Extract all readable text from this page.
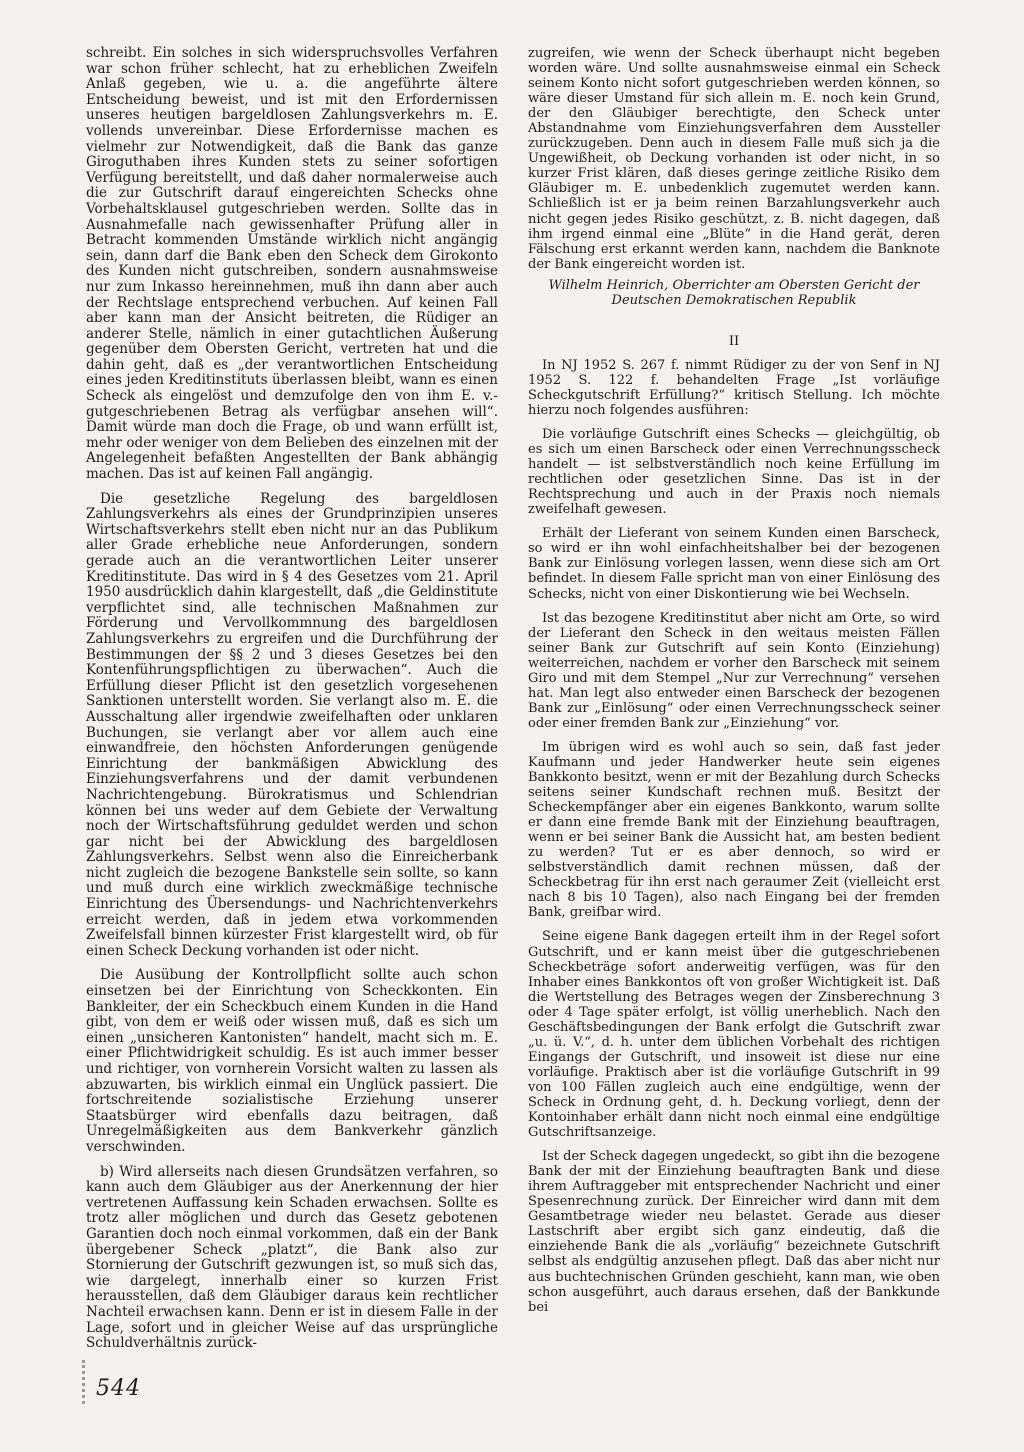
schreibt. Ein solches in sich widerspruchsvolles Verfahren war schon früher schlecht, hat zu erheblichen Zweifeln Anlaß gegeben, wie u. a. die angeführte ältere Entscheidung beweist, und ist mit den Erfordernissen unseres heutigen bargeldlosen Zahlungsverkehrs m. E. vollends unvereinbar. Diese Erfordernisse machen es vielmehr zur Notwendigkeit, daß die Bank das ganze Giroguthaben ihres Kunden stets zu seiner sofortigen Verfügung bereitstellt, und daß daher normalerweise auch die zur Gutschrift darauf eingereichten Schecks ohne Vorbehaltsklausel gutgeschrieben werden. Sollte das in Ausnahmefalle nach gewissenhafter Prüfung aller in Betracht kommenden Umstände wirklich nicht angängig sein, dann darf die Bank eben den Scheck dem Girokonto des Kunden nicht gutschreiben, sondern ausnahmsweise nur zum Inkasso hereinnehmen, muß ihn dann aber auch der Rechtslage entsprechend verbuchen. Auf keinen Fall aber kann man der Ansicht beitreten, die Rüdiger an anderer Stelle, nämlich in einer gutachtlichen Äußerung gegenüber dem Obersten Gericht, vertreten hat und die dahin geht, daß es „der verantwortlichen Entscheidung eines jeden Kreditinstituts überlassen bleibt, wann es einen Scheck als eingelöst und demzufolge den von ihm E. v.-gutgeschriebenen Betrag als verfügbar ansehen will“. Damit würde man doch die Frage, ob und wann erfüllt ist, mehr oder weniger von dem Belieben des einzelnen mit der Angelegenheit befaßten Angestellten der Bank abhängig machen. Das ist auf keinen Fall angängig.

Die gesetzliche Regelung des bargeldlosen Zahlungsverkehrs als eines der Grundprinzipien unseres Wirtschaftsverkehrs stellt eben nicht nur an das Publikum aller Grade erhebliche neue Anforderungen, sondern gerade auch an die verantwortlichen Leiter unserer Kreditinstitute. Das wird in § 4 des Gesetzes vom 21. April 1950 ausdrücklich dahin klargestellt, daß „die Geldinstitute verpflichtet sind, alle technischen Maßnahmen zur Förderung und Vervollkommnung des bargeldlosen Zahlungsverkehrs zu ergreifen und die Durchführung der Bestimmungen der §§ 2 und 3 dieses Gesetzes bei den Kontenführungspflichtigen zu überwachen“. Auch die Erfüllung dieser Pflicht ist den gesetzlich vorgesehenen Sanktionen unterstellt worden. Sie verlangt also m. E. die Ausschaltung aller irgendwie zweifelhaften oder unklaren Buchungen, sie verlangt aber vor allem auch eine einwandfreie, den höchsten Anforderungen genügende Einrichtung der bankmäßigen Abwicklung des Einziehungsverfahrens und der damit verbundenen Nachrichtengebung. Bürokratismus und Schlendrian können bei uns weder auf dem Gebiete der Verwaltung noch der Wirtschaftsführung geduldet werden und schon gar nicht bei der Abwicklung des bargeldlosen Zahlungsverkehrs. Selbst wenn also die Einreicherbank nicht zugleich die bezogene Bankstelle sein sollte, so kann und muß durch eine wirklich zweckmäßige technische Einrichtung des Übersendungs- und Nachrichtenverkehrs erreicht werden, daß in jedem etwa vorkommenden Zweifelsfall binnen kürzester Frist klargestellt wird, ob für einen Scheck Deckung vorhanden ist oder nicht.

Die Ausübung der Kontrollpflicht sollte auch schon einsetzen bei der Einrichtung von Scheckkonten. Ein Bankleiter, der ein Scheckbuch einem Kunden in die Hand gibt, von dem er weiß oder wissen muß, daß es sich um einen „unsicheren Kantonisten“ handelt, macht sich m. E. einer Pflichtwidrigkeit schuldig. Es ist auch immer besser und richtiger, von vornherein Vorsicht walten zu lassen als abzuwarten, bis wirklich einmal ein Unglück passiert. Die fortschreitende sozialistische Erziehung unserer Staatsbürger wird ebenfalls dazu beitragen, daß Unregelmäßigkeiten aus dem Bankverkehr gänzlich verschwinden.

b) Wird allerseits nach diesen Grundsätzen verfahren, so kann auch dem Gläubiger aus der Anerkennung der hier vertretenen Auffassung kein Schaden erwachsen. Sollte es trotz aller möglichen und durch das Gesetz gebotenen Garantien doch noch einmal vorkommen, daß ein der Bank übergebener Scheck „platzt“, die Bank also zur Stornierung der Gutschrift gezwungen ist, so muß sich das, wie dargelegt, innerhalb einer so kurzen Frist herausstellen, daß dem Gläubiger daraus kein rechtlicher Nachteil erwachsen kann. Denn er ist in diesem Falle in der Lage, sofort und in gleicher Weise auf das ursprüngliche Schuldverhältnis zurück-

zugreifen, wie wenn der Scheck überhaupt nicht begeben worden wäre. Und sollte ausnahmsweise einmal ein Scheck seinem Konto nicht sofort gutgeschrieben werden können, so wäre dieser Umstand für sich allein m. E. noch kein Grund, der den Gläubiger berechtigte, den Scheck unter Abstandnahme vom Einziehungsverfahren dem Aussteller zurückzugeben. Denn auch in diesem Falle muß sich ja die Ungewißheit, ob Deckung vorhanden ist oder nicht, in so kurzer Frist klären, daß dieses geringe zeitliche Risiko dem Gläubiger m. E. unbedenklich zugemutet werden kann. Schließlich ist er ja beim reinen Barzahlungsverkehr auch nicht gegen jedes Risiko geschützt, z. B. nicht dagegen, daß ihm irgend einmal eine „Blüte“ in die Hand gerät, deren Fälschung erst erkannt werden kann, nachdem die Banknote der Bank eingereicht worden ist.

Wilhelm Heinrich, Oberrichter am Obersten Gericht der Deutschen Demokratischen Republik

II

In NJ 1952 S. 267 f. nimmt Rüdiger zu der von Senf in NJ 1952 S. 122 f. behandelten Frage „Ist vorläufige Scheckgutschrift Erfüllung?“ kritisch Stellung. Ich möchte hierzu noch folgendes ausführen:

Die vorläufige Gutschrift eines Schecks — gleichgültig, ob es sich um einen Barscheck oder einen Verrechnungsscheck handelt — ist selbstverständlich noch keine Erfüllung im rechtlichen oder gesetzlichen Sinne. Das ist in der Rechtsprechung und auch in der Praxis noch niemals zweifelhaft gewesen.

Erhält der Lieferant von seinem Kunden einen Barscheck, so wird er ihn wohl einfachheitshalber bei der bezogenen Bank zur Einlösung vorlegen lassen, wenn diese sich am Ort befindet. In diesem Falle spricht man von einer Einlösung des Schecks, nicht von einer Diskontierung wie bei Wechseln.

Ist das bezogene Kreditinstitut aber nicht am Orte, so wird der Lieferant den Scheck in den weitaus meisten Fällen seiner Bank zur Gutschrift auf sein Konto (Einziehung) weiterreichen, nachdem er vorher den Barscheck mit seinem Giro und mit dem Stempel „Nur zur Verrechnung“ versehen hat. Man legt also entweder einen Barscheck der bezogenen Bank zur „Einlösung“ oder einen Verrechnungsscheck seiner oder einer fremden Bank zur „Einziehung“ vor.

Im übrigen wird es wohl auch so sein, daß fast jeder Kaufmann und jeder Handwerker heute sein eigenes Bankkonto besitzt, wenn er mit der Bezahlung durch Schecks seitens seiner Kundschaft rechnen muß. Besitzt der Scheckempfänger aber ein eigenes Bankkonto, warum sollte er dann eine fremde Bank mit der Einziehung beauftragen, wenn er bei seiner Bank die Aussicht hat, am besten bedient zu werden? Tut er es aber dennoch, so wird er selbstverständlich damit rechnen müssen, daß der Scheckbetrag für ihn erst nach geraumer Zeit (vielleicht erst nach 8 bis 10 Tagen), also nach Eingang bei der fremden Bank, greifbar wird.

Seine eigene Bank dagegen erteilt ihm in der Regel sofort Gutschrift, und er kann meist über die gutgeschriebenen Scheckbeträge sofort anderweitig verfügen, was für den Inhaber eines Bankkontos oft von großer Wichtigkeit ist. Daß die Wertstellung des Betrages wegen der Zinsberechnung 3 oder 4 Tage später erfolgt, ist völlig unerheblich. Nach den Geschäftsbedingungen der Bank erfolgt die Gutschrift zwar „u. ü. V.“, d. h. unter dem üblichen Vorbehalt des richtigen Eingangs der Gutschrift, und insoweit ist diese nur eine vorläufige. Praktisch aber ist die vorläufige Gutschrift in 99 von 100 Fällen zugleich auch eine endgültige, wenn der Scheck in Ordnung geht, d. h. Deckung vorliegt, denn der Kontoinhaber erhält dann nicht noch einmal eine endgültige Gutschriftsanzeige.

Ist der Scheck dagegen ungedeckt, so gibt ihn die bezogene Bank der mit der Einziehung beauftragten Bank und diese ihrem Auftraggeber mit entsprechender Nachricht und einer Spesenrechnung zurück. Der Einreicher wird dann mit dem Gesamtbetrage wieder neu belastet. Gerade aus dieser Lastschrift aber ergibt sich ganz eindeutig, daß die einziehende Bank die als „vorläufig“ bezeichnete Gutschrift selbst als endgültig anzusehen pflegt. Daß das aber nicht nur aus buchtechnischen Gründen geschieht, kann man, wie oben schon ausgeführt, auch daraus ersehen, daß der Bankkunde bei

544
